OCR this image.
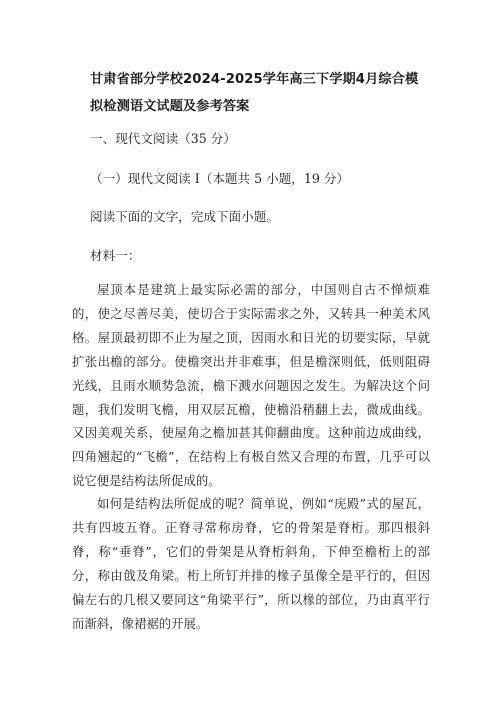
甘肃省部分学校2024-2025学年高三下学期4月综合模拟检测语文试题及参考答案
一、现代文阅读（35 分）
（一）现代文阅读 I（本题共 5 小题，19 分）
阅读下面的文字，完成下面小题。
材料一：
屋顶本是建筑上最实际必需的部分，中国则自古不惮烦难的，使之尽善尽美，使切合于实际需求之外，又转具一种美术风格。屋顶最初即不止为屋之顶，因雨水和日光的切要实际，早就扩张出檐的部分。使檐突出并非难事，但是檐深则低，低则阻碍光线，且雨水顺势急流，檐下溅水问题因之发生。为解决这个问题，我们发明飞檐，用双层瓦檐，使檐沿稍翻上去，微成曲线。又因美观关系，使屋角之檐加甚其仰翻曲度。这种前边成曲线，四角翘起的“飞檐”，在结构上有极自然又合理的布置，几乎可以说它便是结构法所促成的。
如何是结构法所促成的呢？简单说，例如“庑殿”式的屋瓦，共有四坡五脊。正脊寻常称房脊，它的骨架是脊桁。那四根斜脊，称“垂脊”，它们的骨架是从脊桁斜角，下伸至檐桁上的部分，称由戗及角梁。桁上所钉并排的椽子虽像全是平行的，但因偏左右的几根又要同这“角梁平行”，所以椽的部位，乃由真平行而渐斜，像裙裾的开展。
